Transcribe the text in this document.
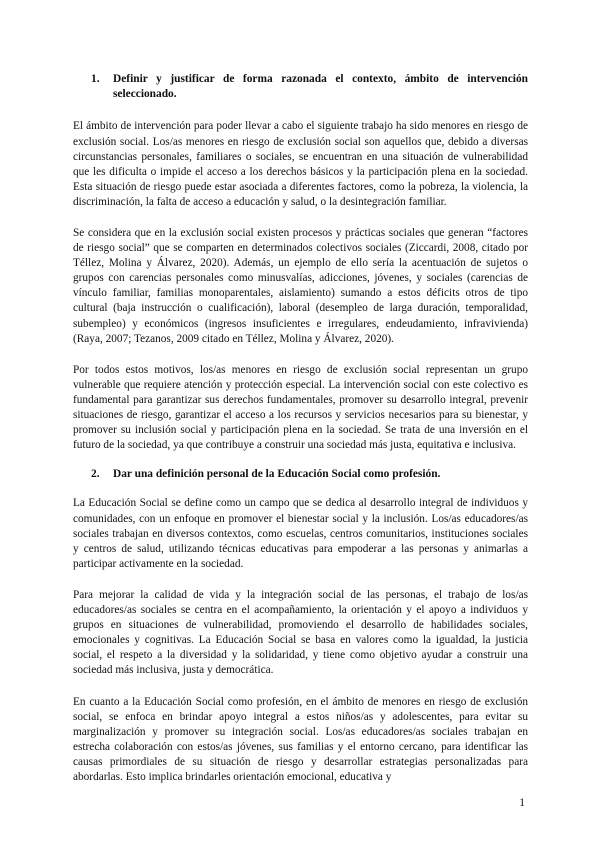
1.	Definir y justificar de forma razonada el contexto, ámbito de intervención seleccionado.

El ámbito de intervención para poder llevar a cabo el siguiente trabajo ha sido menores en riesgo de exclusión social. Los/as menores en riesgo de exclusión social son aquellos que, debido a diversas circunstancias personales, familiares o sociales, se encuentran en una situación de vulnerabilidad que les dificulta o impide el acceso a los derechos básicos y la participación plena en la sociedad. Esta situación de riesgo puede estar asociada a diferentes factores, como la pobreza, la violencia, la discriminación, la falta de acceso a educación y salud, o la desintegración familiar.

Se considera que en la exclusión social existen procesos y prácticas sociales que generan “factores de riesgo social” que se comparten en determinados colectivos sociales (Ziccardi, 2008, citado por Téllez, Molina y Álvarez, 2020). Además, un ejemplo de ello sería la acentuación de sujetos o grupos con carencias personales como minusvalías, adicciones, jóvenes, y sociales (carencias de vínculo familiar, familias monoparentales, aislamiento) sumando a estos déficits otros de tipo cultural (baja instrucción o cualificación), laboral (desempleo de larga duración, temporalidad, subempleo) y económicos (ingresos insuficientes e irregulares, endeudamiento, infravivienda) (Raya, 2007; Tezanos, 2009 citado en Téllez, Molina y Álvarez, 2020).

Por todos estos motivos, los/as menores en riesgo de exclusión social representan un grupo vulnerable que requiere atención y protección especial. La intervención social con este colectivo es fundamental para garantizar sus derechos fundamentales, promover su desarrollo integral, prevenir situaciones de riesgo, garantizar el acceso a los recursos y servicios necesarios para su bienestar, y promover su inclusión social y participación plena en la sociedad. Se trata de una inversión en el futuro de la sociedad, ya que contribuye a construir una sociedad más justa, equitativa e inclusiva.

2.	Dar una definición personal de la Educación Social como profesión.

La Educación Social se define como un campo que se dedica al desarrollo integral de individuos y comunidades, con un enfoque en promover el bienestar social y la inclusión. Los/as educadores/as sociales trabajan en diversos contextos, como escuelas, centros comunitarios, instituciones sociales y centros de salud, utilizando técnicas educativas para empoderar a las personas y animarlas a participar activamente en la sociedad.

Para mejorar la calidad de vida y la integración social de las personas, el trabajo de los/as educadores/as sociales se centra en el acompañamiento, la orientación y el apoyo a individuos y grupos en situaciones de vulnerabilidad, promoviendo el desarrollo de habilidades sociales, emocionales y cognitivas. La Educación Social se basa en valores como la igualdad, la justicia social, el respeto a la diversidad y la solidaridad, y tiene como objetivo ayudar a construir una sociedad más inclusiva, justa y democrática.

En cuanto a la Educación Social como profesión, en el ámbito de menores en riesgo de exclusión social, se enfoca en brindar apoyo integral a estos niños/as y adolescentes, para evitar su marginalización y promover su integración social. Los/as educadores/as sociales trabajan en estrecha colaboración con estos/as jóvenes, sus familias y el entorno cercano, para identificar las causas primordiales de su situación de riesgo y desarrollar estrategias personalizadas para abordarlas. Esto implica brindarles orientación emocional, educativa y

1
